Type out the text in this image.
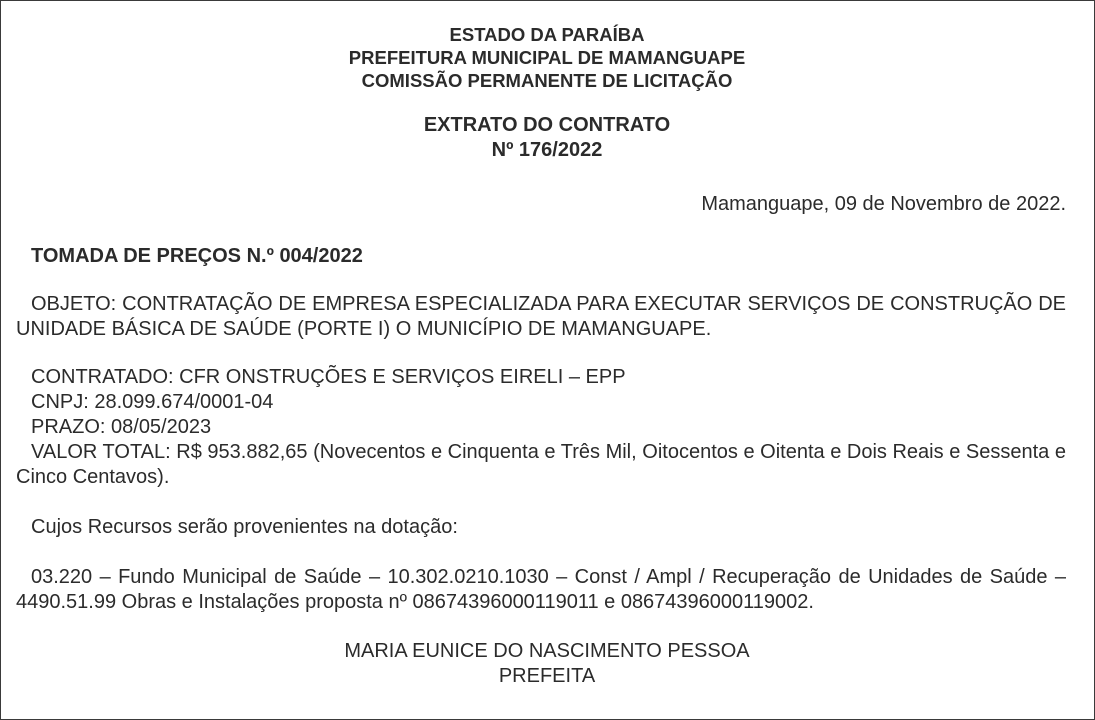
ESTADO DA PARAÍBA
PREFEITURA MUNICIPAL DE MAMANGUAPE
COMISSÃO PERMANENTE DE LICITAÇÃO
EXTRATO DO CONTRATO
Nº 176/2022
Mamanguape, 09 de Novembro de 2022.
TOMADA DE PREÇOS N.º 004/2022
OBJETO: CONTRATAÇÃO DE EMPRESA ESPECIALIZADA PARA EXECUTAR SERVIÇOS DE CONSTRUÇÃO DE UNIDADE BÁSICA DE SAÚDE (PORTE I) O MUNICÍPIO DE MAMANGUAPE.
CONTRATADO: CFR ONSTRUÇÕES E SERVIÇOS EIRELI – EPP
CNPJ: 28.099.674/0001-04
PRAZO: 08/05/2023
VALOR TOTAL: R$ 953.882,65 (Novecentos e Cinquenta e Três Mil, Oitocentos e Oitenta e Dois Reais e Sessenta e Cinco Centavos).
Cujos Recursos serão provenientes na dotação:
03.220 – Fundo Municipal de Saúde – 10.302.0210.1030 – Const / Ampl / Recuperação de Unidades de Saúde – 4490.51.99 Obras e Instalações proposta nº 08674396000119011 e 08674396000119002.
MARIA EUNICE DO NASCIMENTO PESSOA
PREFEITA
